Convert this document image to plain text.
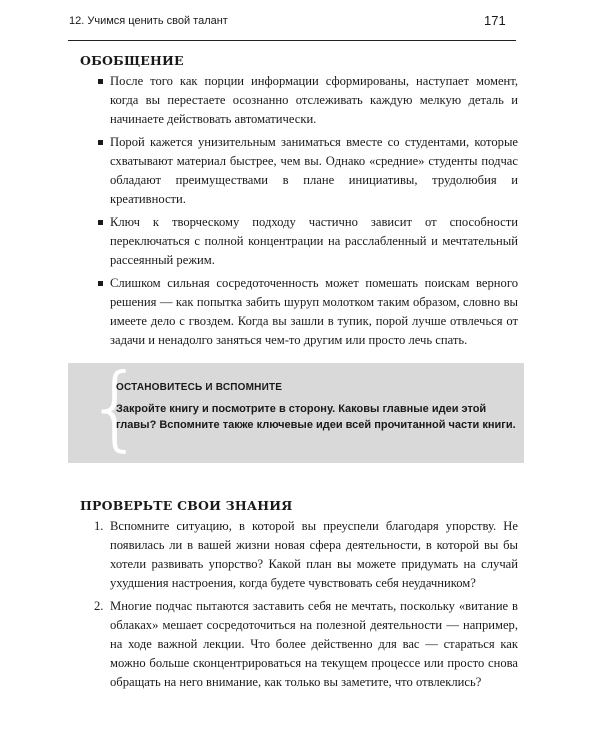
12. Учимся ценить свой талант	171
ОБОБЩЕНИЕ

После того как порции информации сформированы, наступает момент, когда вы перестаете осознанно отслеживать каждую мелкую деталь и начинаете действовать автоматически.

Порой кажется унизительным заниматься вместе со студентами, которые схватывают материал быстрее, чем вы. Однако «средние» студенты подчас обладают преимуществами в плане инициативы, трудолюбия и креативности.

Ключ к творческому подходу частично зависит от способности переключаться с полной концентрации на расслабленный и мечтательный рассеянный режим.

Слишком сильная сосредоточенность может помешать поискам верного решения — как попытка забить шуруп молотком таким образом, словно вы имеете дело с гвоздем. Когда вы зашли в тупик, порой лучше отвлечься от задачи и ненадолго заняться чем-то другим или просто лечь спать.

{
ОСТАНОВИТЕСЬ И ВСПОМНИТЕ

Закройте книгу и посмотрите в сторону. Каковы главные идеи этой главы? Вспомните также ключевые идеи всей прочитанной части книги.

ПРОВЕРЬТЕ СВОИ ЗНАНИЯ
1. Вспомните ситуацию, в которой вы преуспели благодаря упорству. Не появилась ли в вашей жизни новая сфера деятельности, в которой вы бы хотели развивать упорство? Какой план вы можете придумать на случай ухудшения настроения, когда будете чувствовать себя неудачником?

2. Многие подчас пытаются заставить себя не мечтать, поскольку «витание в облаках» мешает сосредоточиться на полезной деятельности — например, на ходе важной лекции. Что более действенно для вас — стараться как можно больше сконцентрироваться на текущем процессе или просто снова обращать на него внимание, как только вы заметите, что отвлеклись?
